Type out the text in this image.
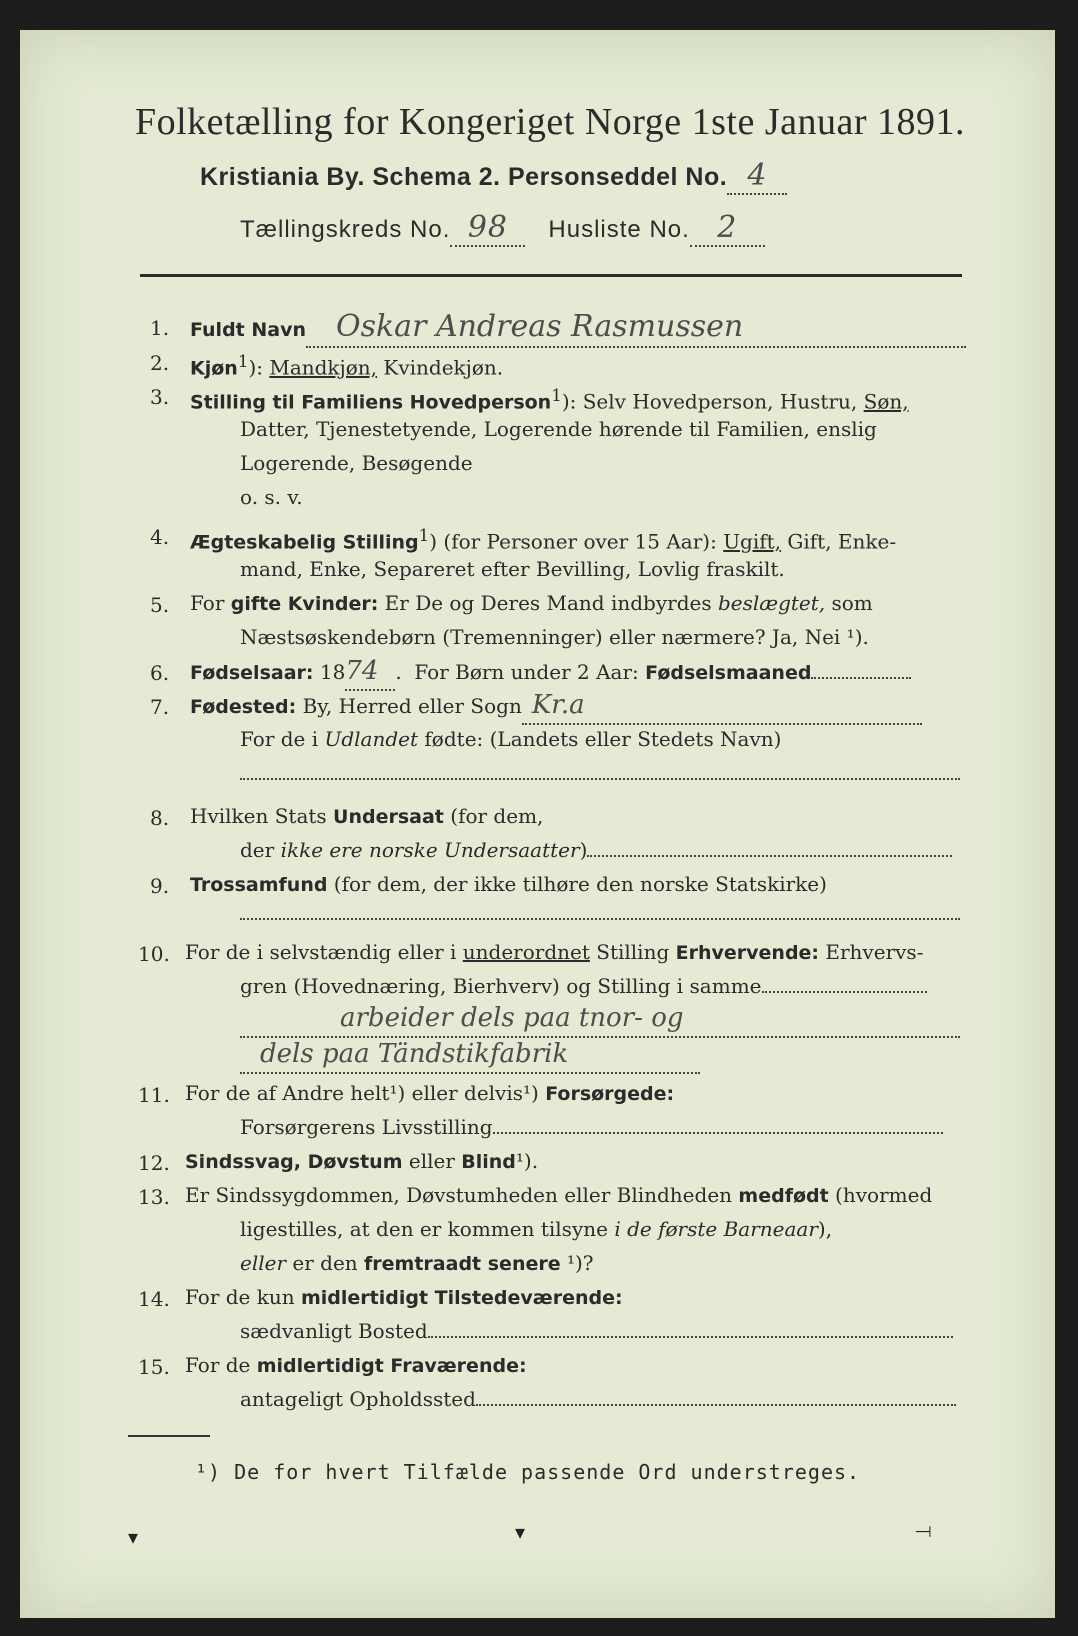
Folketælling for Kongeriget Norge 1ste Januar 1891.
Kristiania By. Schema 2. Personseddel No. 4
Tællingskreds No. 98 Husliste No. 2
1. Fuldt Navn Oskar Andreas Rasmussen
2. Kjøn$^1$): Mandkjøn, Kvindekjøn.
3. Stilling til Familiens Hovedperson$^1$): Selv Hovedperson, Hustru, Søn,
Datter, Tjenestetyende, Logerende hørende til Familien, enslig
Logerende, Besøgende
o. s. v.
4. Ægteskabelig Stilling$^1$) (for Personer over 15 Aar): Ugift, Gift, Enke-
mand, Enke, Separeret efter Bevilling, Lovlig fraskilt.
5. For gifte Kvinder: Er De og Deres Mand indbyrdes beslægtet, som
Næstsøskendebørn (Tremenninger) eller nærmere? Ja, Nei ¹).
6. Fødselsaar: 1874 .  For Børn under 2 Aar: Fødselsmaaned
7. Fødested: By, Herred eller Sogn Kr.a
For de i Udlandet fødte: (Landets eller Stedets Navn)
8. Hvilken Stats Undersaat (for dem,
der ikke ere norske Undersaatter)
9. Trossamfund (for dem, der ikke tilhøre den norske Statskirke)
10. For de i selvstændig eller i underordnet Stilling Erhvervende: Erhvervs-
gren (Hovednæring, Bierhverv) og Stilling i samme
arbeider dels paa tnor- og
dels paa Tändstikfabrik
11. For de af Andre helt¹) eller delvis¹) Forsørgede:
Forsørgerens Livsstilling
12. Sindssvag, Døvstum eller Blind¹).
13. Er Sindssygdommen, Døvstumheden eller Blindheden medfødt (hvormed
ligestilles, at den er kommen tilsyne i de første Barneaar),
eller er den fremtraadt senere ¹)?
14. For de kun midlertidigt Tilstedeværende:
sædvanligt Bosted
15. For de midlertidigt Fraværende:
antageligt Opholdssted
¹) De for hvert Tilfælde passende Ord understreges.
▾	▾	⟞
